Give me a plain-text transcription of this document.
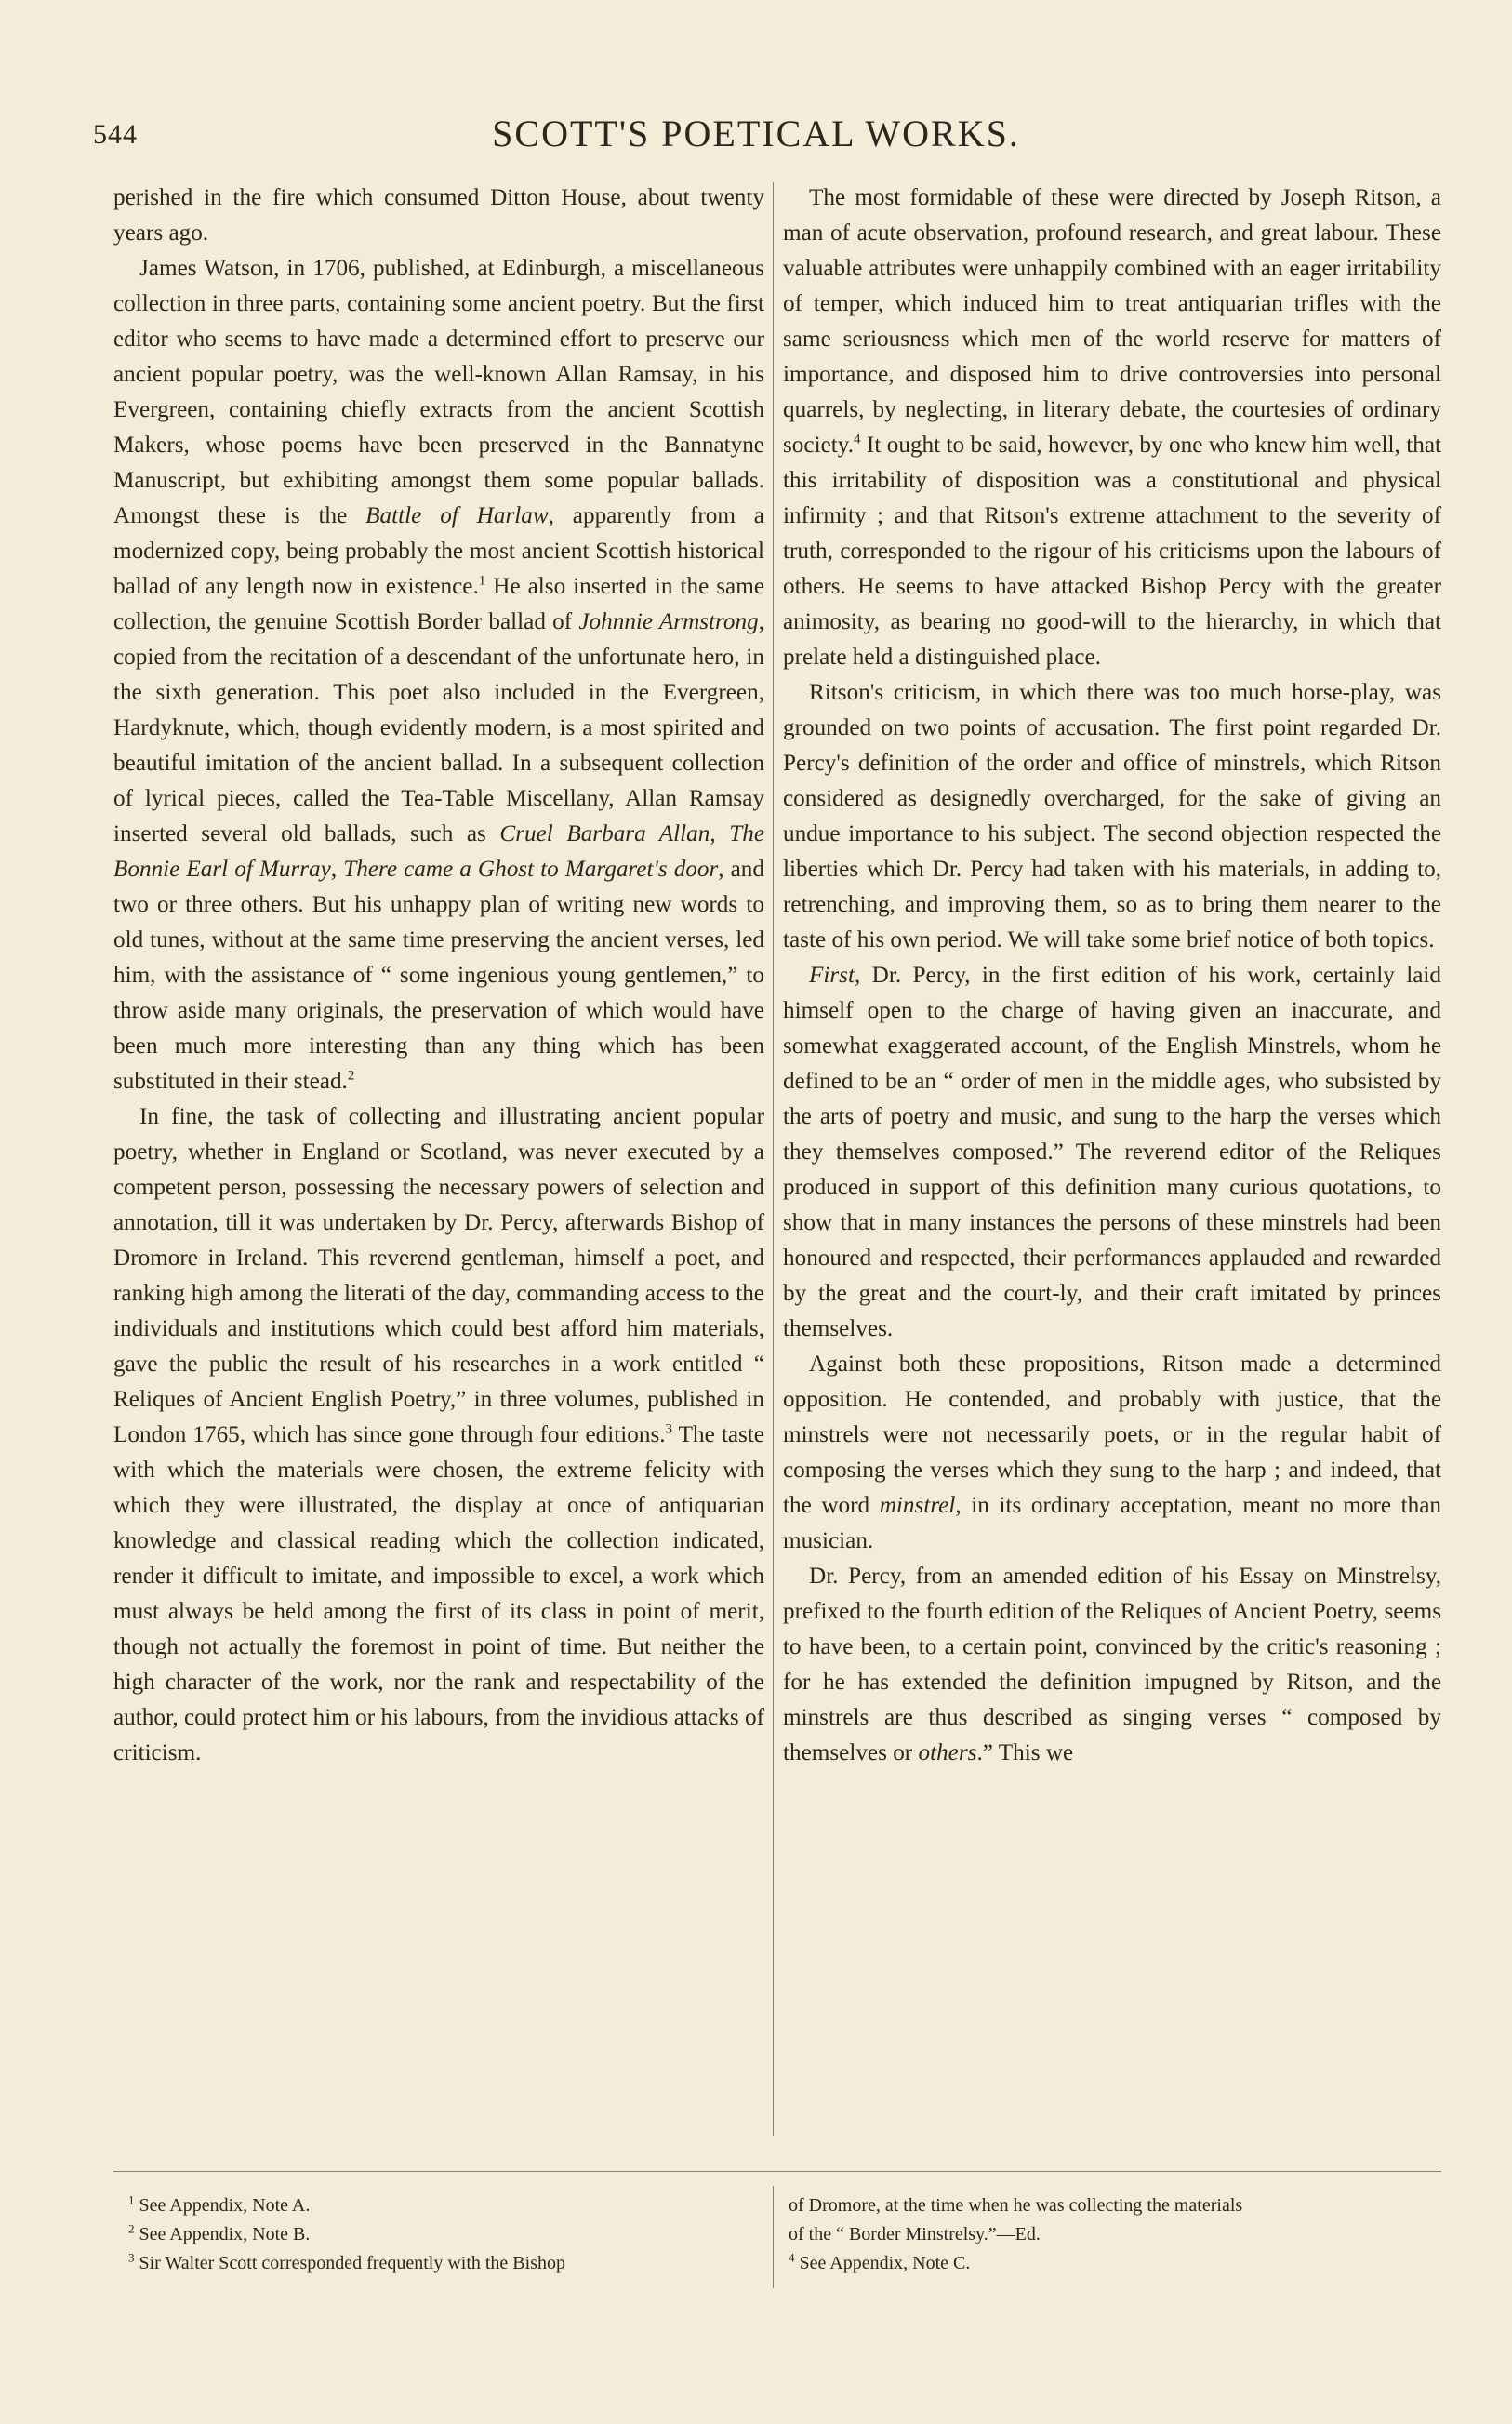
544	SCOTT'S POETICAL WORKS.

perished in the fire which consumed Ditton House, about twenty years ago.

James Watson, in 1706, published, at Edinburgh, a miscellaneous collection in three parts, containing some ancient poetry. But the first editor who seems to have made a determined effort to preserve our ancient popular poetry, was the well-known Allan Ramsay, in his Evergreen, containing chiefly extracts from the ancient Scottish Makers, whose poems have been preserved in the Bannatyne Manuscript, but exhibiting amongst them some popular ballads. Amongst these is the Battle of Harlaw, apparently from a modernized copy, being probably the most ancient Scottish historical ballad of any length now in existence.$^1$ He also inserted in the same collection, the genuine Scottish Border ballad of Johnnie Armstrong, copied from the recitation of a descendant of the unfortunate hero, in the sixth generation. This poet also included in the Evergreen, Hardyknute, which, though evidently modern, is a most spirited and beautiful imitation of the ancient ballad. In a subsequent collection of lyrical pieces, called the Tea-Table Miscellany, Allan Ramsay inserted several old ballads, such as Cruel Barbara Allan, The Bonnie Earl of Murray, There came a Ghost to Margaret's door, and two or three others. But his unhappy plan of writing new words to old tunes, without at the same time preserving the ancient verses, led him, with the assistance of “ some ingenious young gentlemen,” to throw aside many originals, the preservation of which would have been much more interesting than any thing which has been substituted in their stead.$^2$

In fine, the task of collecting and illustrating ancient popular poetry, whether in England or Scotland, was never executed by a competent person, possessing the necessary powers of selection and annotation, till it was undertaken by Dr. Percy, afterwards Bishop of Dromore in Ireland. This reverend gentleman, himself a poet, and ranking high among the literati of the day, commanding access to the individuals and institutions which could best afford him materials, gave the public the result of his researches in a work entitled “ Reliques of Ancient English Poetry,” in three volumes, published in London 1765, which has since gone through four editions.$^3$ The taste with which the materials were chosen, the extreme felicity with which they were illustrated, the display at once of antiquarian knowledge and classical reading which the collection indicated, render it difficult to imitate, and impossible to excel, a work which must always be held among the first of its class in point of merit, though not actually the foremost in point of time. But neither the high character of the work, nor the rank and respectability of the author, could protect him or his labours, from the invidious attacks of criticism.

The most formidable of these were directed by Joseph Ritson, a man of acute observation, profound research, and great labour. These valuable attributes were unhappily combined with an eager irritability of temper, which induced him to treat antiquarian trifles with the same seriousness which men of the world reserve for matters of importance, and disposed him to drive controversies into personal quarrels, by neglecting, in literary debate, the courtesies of ordinary society.$^4$ It ought to be said, however, by one who knew him well, that this irritability of disposition was a constitutional and physical infirmity ; and that Ritson's extreme attachment to the severity of truth, corresponded to the rigour of his criticisms upon the labours of others. He seems to have attacked Bishop Percy with the greater animosity, as bearing no good-will to the hierarchy, in which that prelate held a distinguished place.

Ritson's criticism, in which there was too much horse-play, was grounded on two points of accusation. The first point regarded Dr. Percy's definition of the order and office of minstrels, which Ritson considered as designedly overcharged, for the sake of giving an undue importance to his subject. The second objection respected the liberties which Dr. Percy had taken with his materials, in adding to, retrenching, and improving them, so as to bring them nearer to the taste of his own period. We will take some brief notice of both topics.

First, Dr. Percy, in the first edition of his work, certainly laid himself open to the charge of having given an inaccurate, and somewhat exaggerated account, of the English Minstrels, whom he defined to be an “ order of men in the middle ages, who subsisted by the arts of poetry and music, and sung to the harp the verses which they themselves composed.” The reverend editor of the Reliques produced in support of this definition many curious quotations, to show that in many instances the persons of these minstrels had been honoured and respected, their performances applauded and rewarded by the great and the court-ly, and their craft imitated by princes themselves.

Against both these propositions, Ritson made a determined opposition. He contended, and probably with justice, that the minstrels were not necessarily poets, or in the regular habit of composing the verses which they sung to the harp ; and indeed, that the word minstrel, in its ordinary acceptation, meant no more than musician.

Dr. Percy, from an amended edition of his Essay on Minstrelsy, prefixed to the fourth edition of the Reliques of Ancient Poetry, seems to have been, to a certain point, convinced by the critic's reasoning ; for he has extended the definition impugned by Ritson, and the minstrels are thus described as singing verses “ composed by themselves or others.” This we

$^1$ See Appendix, Note A.
$^2$ See Appendix, Note B.
$^3$ Sir Walter Scott corresponded frequently with the Bishop
of Dromore, at the time when he was collecting the materials
of the “ Border Minstrelsy.”—Ed.
$^4$ See Appendix, Note C.
